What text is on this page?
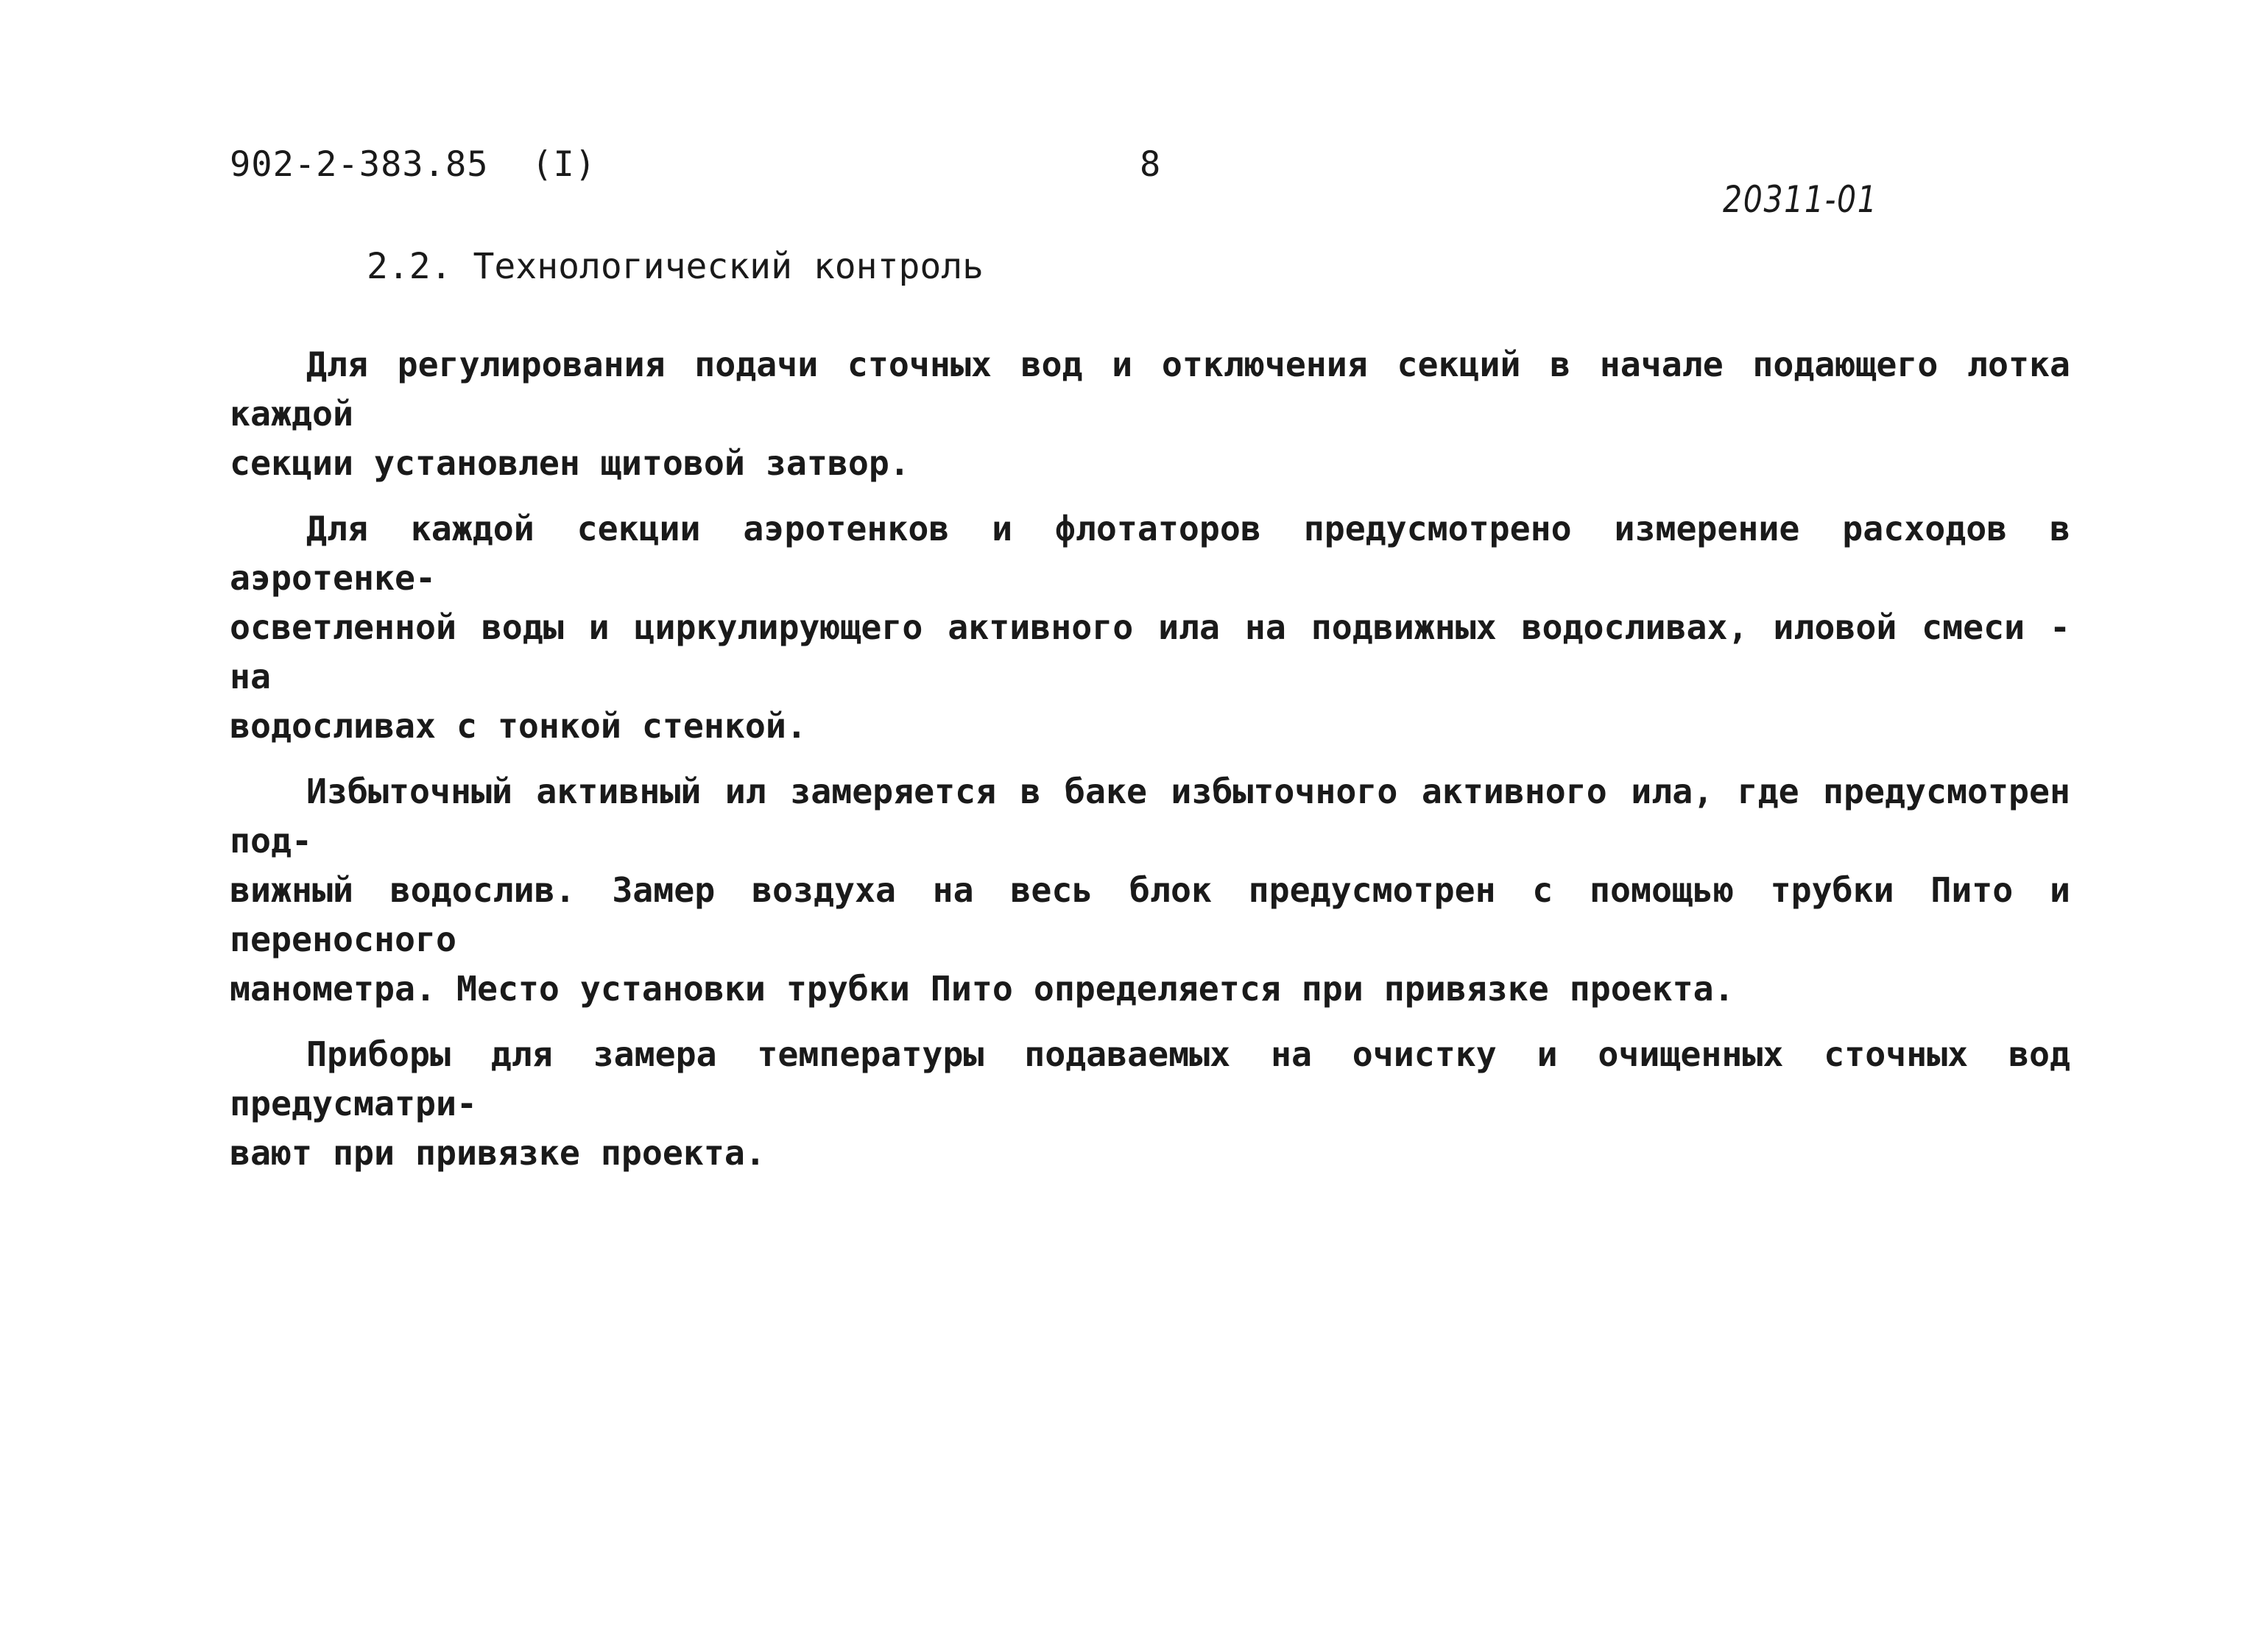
902-2-383.85  (I)	8
20311-01
2.2. Технологический контроль

Для регулирования подачи сточных вод и отключения секций в начале подающего лотка каждой
секции установлен щитовой затвор.

Для каждой секции аэротенков и флотаторов предусмотрено измерение расходов в аэротенке-
осветленной воды и циркулирующего активного ила на подвижных водосливах, иловой смеси - на
водосливах с тонкой стенкой.

Избыточный активный ил замеряется в баке избыточного активного ила, где предусмотрен под-
вижный водослив. Замер воздуха на весь блок предусмотрен с помощью трубки Пито и переносного
манометра. Место установки трубки Пито определяется при привязке проекта.

Приборы для замера температуры подаваемых на очистку и очищенных сточных вод предусматри-
вают при привязке проекта.
